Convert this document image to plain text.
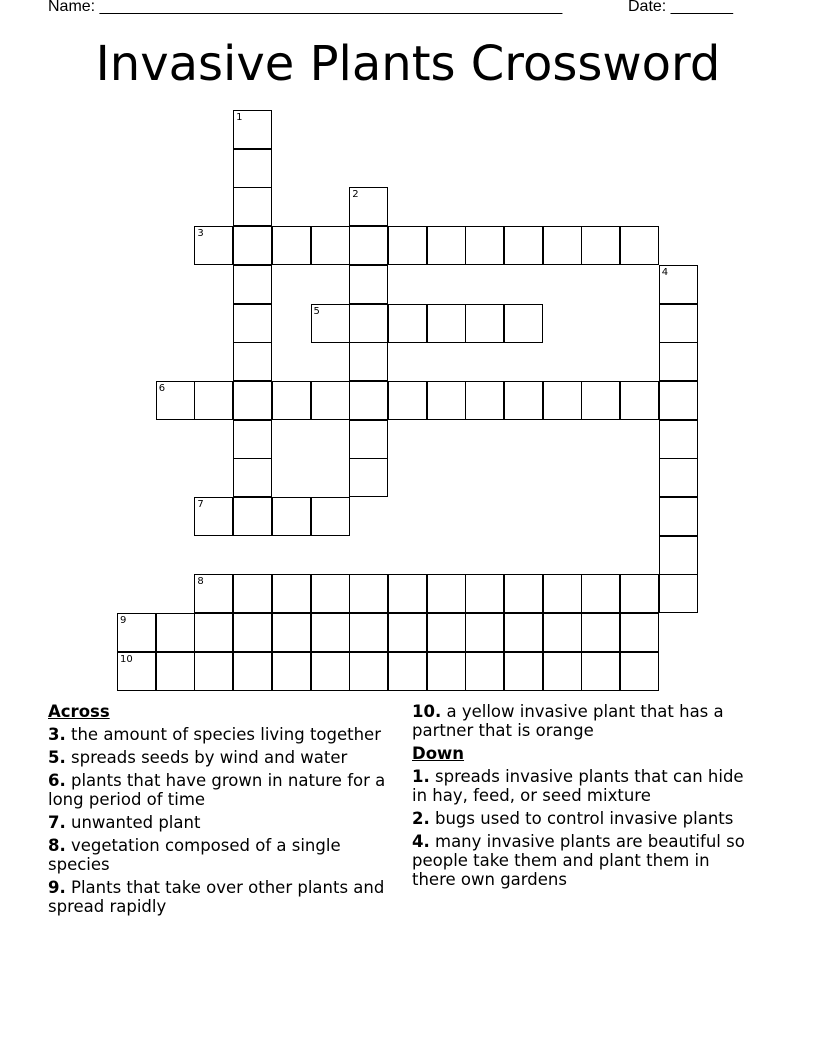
Name: ____________________________________________________	Date: _______
Invasive Plants Crossword
1
2
3
4
5
6
7
8
9
10
Across
3. the amount of species living together
5. spreads seeds by wind and water
6. plants that have grown in nature for a long period of time
7. unwanted plant
8. vegetation composed of a single species
9. Plants that take over other plants and spread rapidly
10. a yellow invasive plant that has a partner that is orange
Down
1. spreads invasive plants that can hide in hay, feed, or seed mixture
2. bugs used to control invasive plants
4. many invasive plants are beautiful so people take them and plant them in there own gardens
